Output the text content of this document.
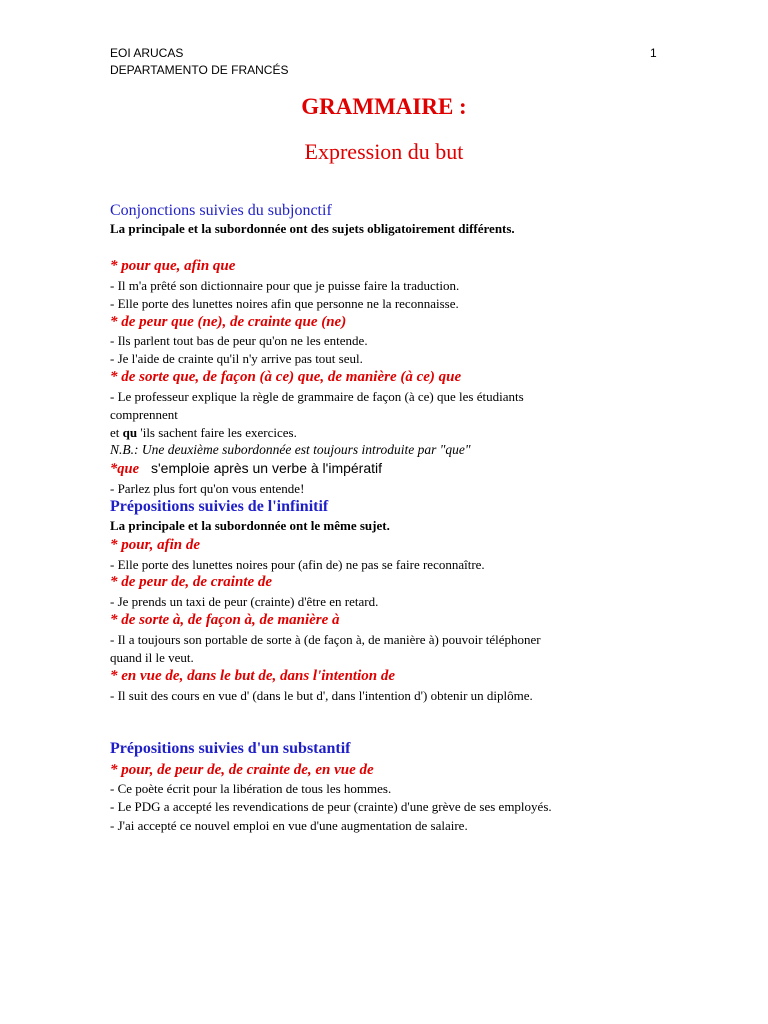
EOI ARUCAS
DEPARTAMENTO DE FRANCÉS
1
GRAMMAIRE :
Expression du but
Conjonctions suivies du subjonctif
La principale et la subordonnée ont des sujets obligatoirement différents.
* pour que, afin que
- Il m'a prêté son dictionnaire pour que je puisse faire la traduction.
- Elle porte des lunettes noires afin que personne ne la reconnaisse.
* de peur que (ne), de crainte que (ne)
- Ils parlent tout bas de peur qu'on ne les entende.
- Je l'aide de crainte qu'il n'y arrive pas tout seul.
* de sorte que, de façon (à ce) que, de manière (à ce) que
- Le professeur explique la règle de grammaire de façon (à ce) que les étudiants
comprennent
et qu 'ils sachent faire les exercices.
N.B.: Une deuxième subordonnée est toujours introduite par "que"
*que s'emploie après un verbe à l'impératif
- Parlez plus fort qu'on vous entende!
Prépositions suivies de l'infinitif
La principale et la subordonnée ont le même sujet.
* pour, afin de
- Elle porte des lunettes noires pour (afin de) ne pas se faire reconnaître.
* de peur de, de crainte de
- Je prends un taxi de peur (crainte) d'être en retard.
* de sorte à, de façon à, de manière à
- Il a toujours son portable de sorte à (de façon à, de manière à) pouvoir téléphoner
quand il le veut.
* en vue de, dans le but de, dans l'intention de
- Il suit des cours en vue d' (dans le but d', dans l'intention d') obtenir un diplôme.
Prépositions suivies d'un substantif
* pour, de peur de, de crainte de, en vue de
- Ce poète écrit pour la libération de tous les hommes.
- Le PDG a accepté les revendications de peur (crainte) d'une grève de ses employés.
- J'ai accepté ce nouvel emploi en vue d'une augmentation de salaire.
